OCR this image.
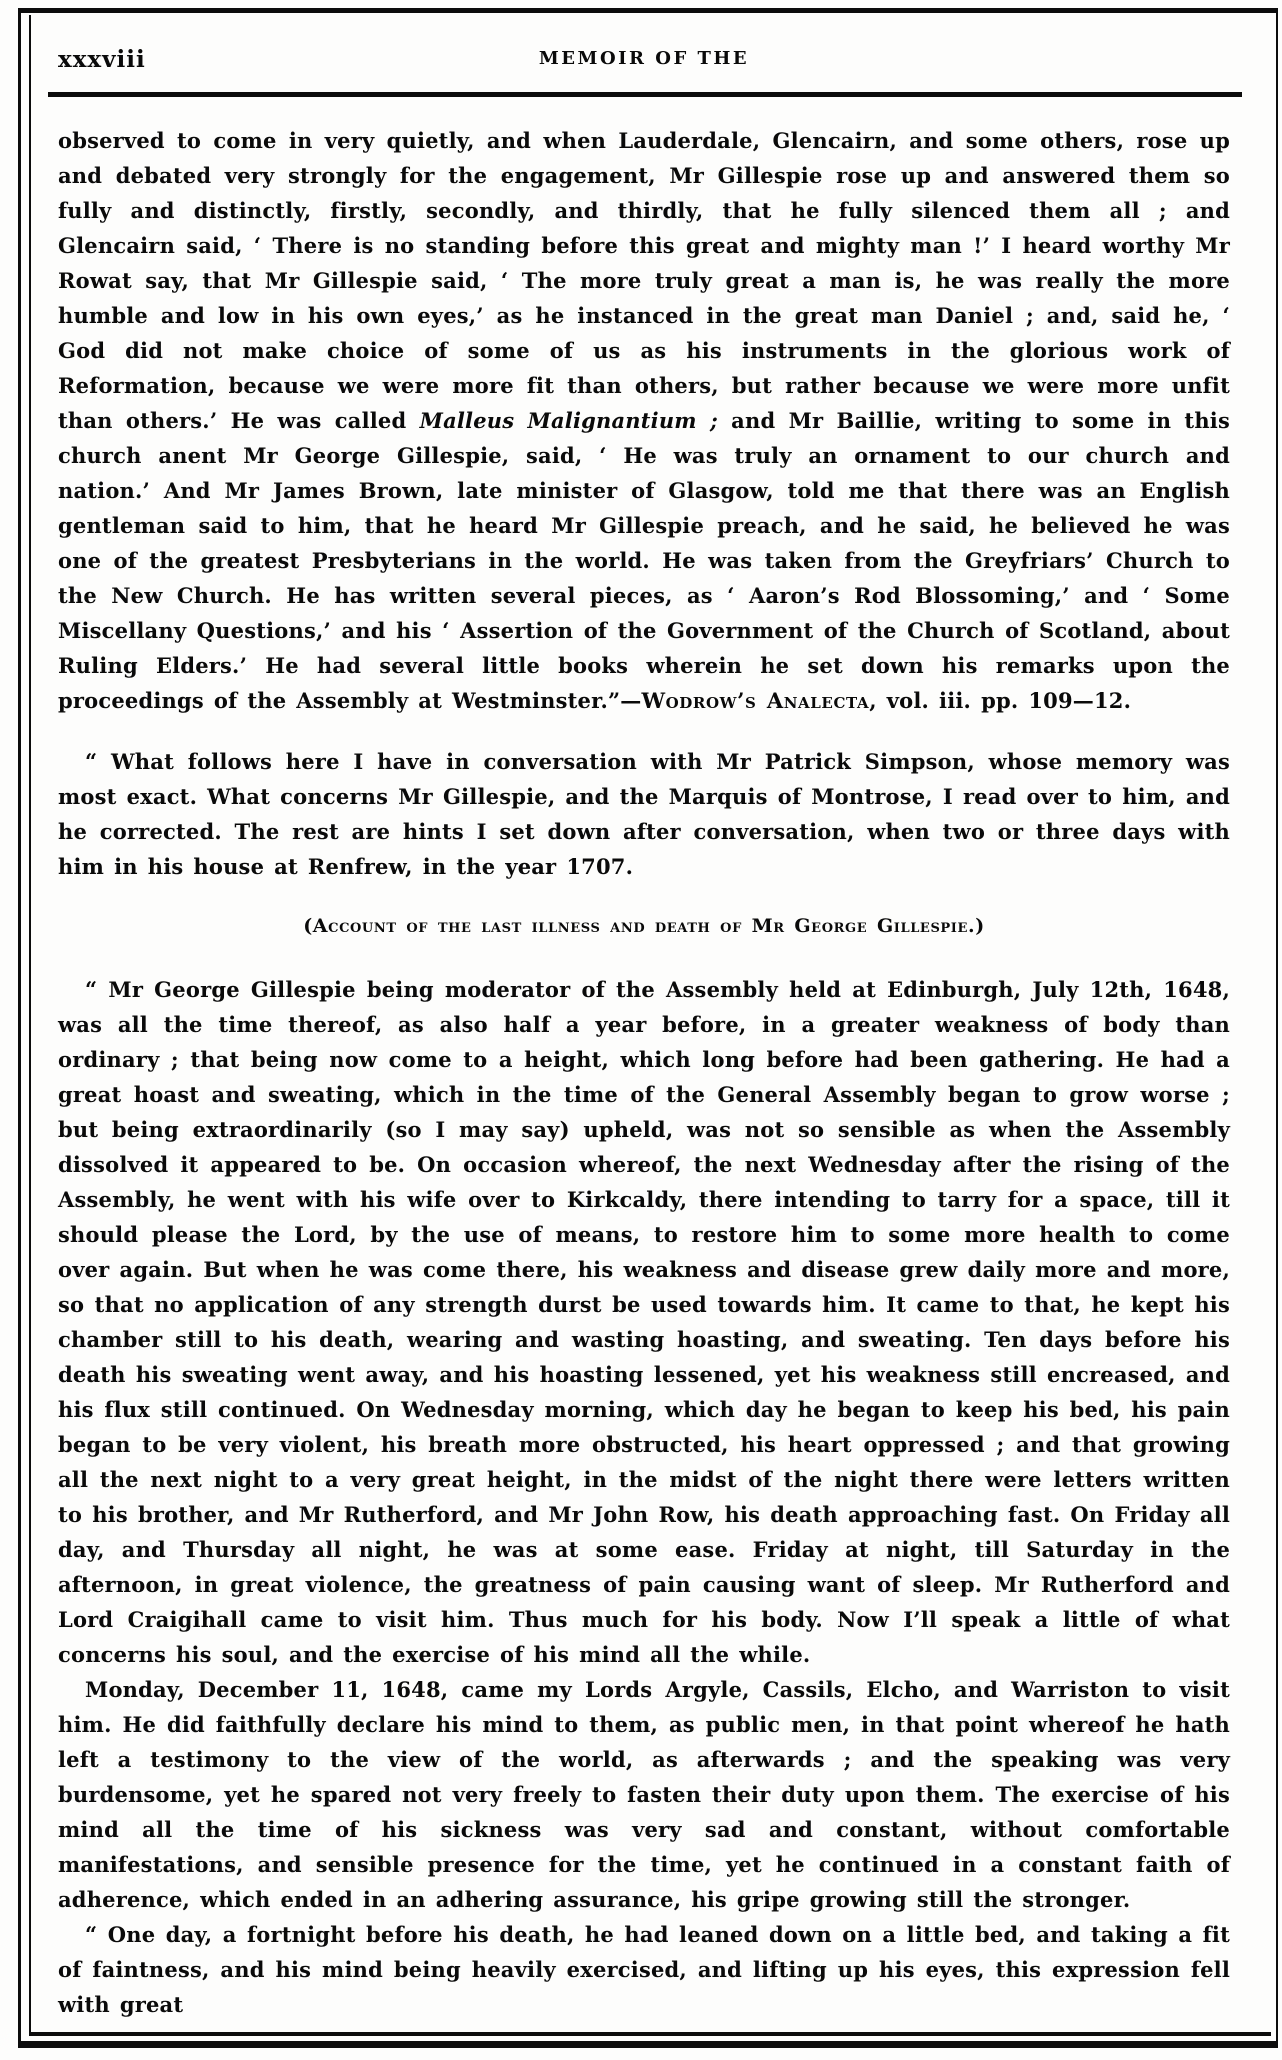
xxxviii	MEMOIR OF THE

observed to come in very quietly, and when Lauderdale, Glencairn, and some others, rose up and debated very strongly for the engagement, Mr Gillespie rose up and answered them so fully and distinctly, firstly, secondly, and thirdly, that he fully silenced them all ; and Glencairn said, ‘ There is no standing before this great and mighty man !’ I heard worthy Mr Rowat say, that Mr Gillespie said, ‘ The more truly great a man is, he was really the more humble and low in his own eyes,’ as he instanced in the great man Daniel ; and, said he, ‘ God did not make choice of some of us as his instruments in the glorious work of Reformation, because we were more fit than others, but rather because we were more unfit than others.’ He was called Malleus Malignantium ; and Mr Baillie, writing to some in this church anent Mr George Gillespie, said, ‘ He was truly an ornament to our church and nation.’ And Mr James Brown, late minister of Glasgow, told me that there was an English gentleman said to him, that he heard Mr Gillespie preach, and he said, he believed he was one of the greatest Presbyterians in the world. He was taken from the Greyfriars’ Church to the New Church. He has written several pieces, as ‘ Aaron’s Rod Blossoming,’ and ‘ Some Miscellany Questions,’ and his ‘ Assertion of the Government of the Church of Scotland, about Ruling Elders.’ He had several little books wherein he set down his remarks upon the proceedings of the Assembly at Westminster.”—Wodrow’s Analecta, vol. iii. pp. 109—12.

“ What follows here I have in conversation with Mr Patrick Simpson, whose memory was most exact. What concerns Mr Gillespie, and the Marquis of Montrose, I read over to him, and he corrected. The rest are hints I set down after conversation, when two or three days with him in his house at Renfrew, in the year 1707.

(Account of the last illness and death of Mr George Gillespie.)

“ Mr George Gillespie being moderator of the Assembly held at Edinburgh, July 12th, 1648, was all the time thereof, as also half a year before, in a greater weakness of body than ordinary ; that being now come to a height, which long before had been gathering. He had a great hoast and sweating, which in the time of the General Assembly began to grow worse ; but being extraordinarily (so I may say) upheld, was not so sensible as when the Assembly dissolved it appeared to be. On occasion whereof, the next Wednesday after the rising of the Assembly, he went with his wife over to Kirkcaldy, there intending to tarry for a space, till it should please the Lord, by the use of means, to restore him to some more health to come over again. But when he was come there, his weakness and disease grew daily more and more, so that no application of any strength durst be used towards him. It came to that, he kept his chamber still to his death, wearing and wasting hoasting, and sweating. Ten days before his death his sweating went away, and his hoasting lessened, yet his weakness still encreased, and his flux still continued. On Wednesday morning, which day he began to keep his bed, his pain began to be very violent, his breath more obstructed, his heart oppressed ; and that growing all the next night to a very great height, in the midst of the night there were letters written to his brother, and Mr Rutherford, and Mr John Row, his death approaching fast. On Friday all day, and Thursday all night, he was at some ease. Friday at night, till Saturday in the afternoon, in great violence, the greatness of pain causing want of sleep. Mr Rutherford and Lord Craigihall came to visit him. Thus much for his body. Now I’ll speak a little of what concerns his soul, and the exercise of his mind all the while.

Monday, December 11, 1648, came my Lords Argyle, Cassils, Elcho, and Warriston to visit him. He did faithfully declare his mind to them, as public men, in that point whereof he hath left a testimony to the view of the world, as afterwards ; and the speaking was very burdensome, yet he spared not very freely to fasten their duty upon them. The exercise of his mind all the time of his sickness was very sad and constant, without comfortable manifestations, and sensible presence for the time, yet he continued in a constant faith of adherence, which ended in an adhering assurance, his gripe growing still the stronger.

“ One day, a fortnight before his death, he had leaned down on a little bed, and taking a fit of faintness, and his mind being heavily exercised, and lifting up his eyes, this expression fell with great
